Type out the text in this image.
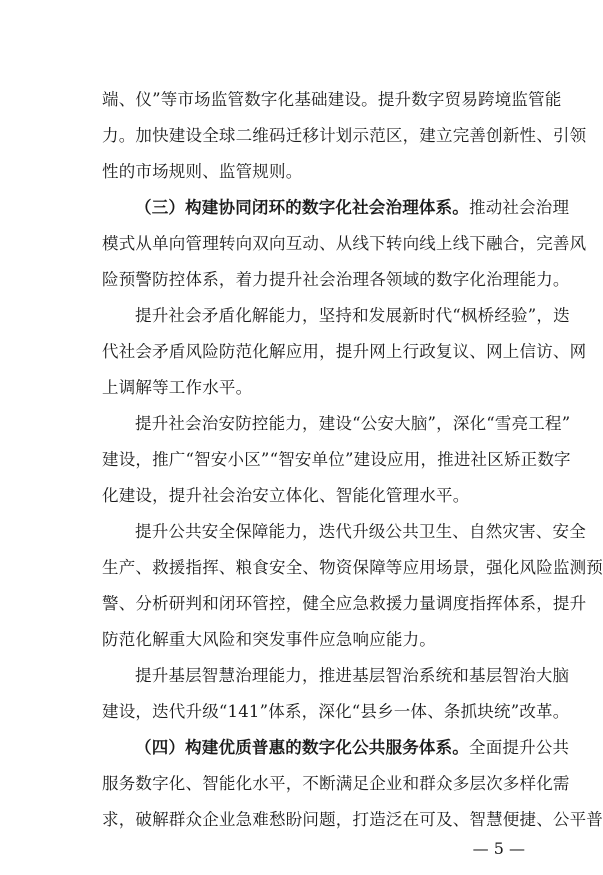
端、仪”等市场监管数字化基础建设。提升数字贸易跨境监管能
力。加快建设全球二维码迁移计划示范区，建立完善创新性、引领
性的市场规则、监管规则。
（三）构建协同闭环的数字化社会治理体系。推动社会治理
模式从单向管理转向双向互动、从线下转向线上线下融合，完善风
险预警防控体系，着力提升社会治理各领域的数字化治理能力。
提升社会矛盾化解能力，坚持和发展新时代“枫桥经验”，迭
代社会矛盾风险防范化解应用，提升网上行政复议、网上信访、网
上调解等工作水平。
提升社会治安防控能力，建设“公安大脑”，深化“雪亮工程”
建设，推广“智安小区”“智安单位”建设应用，推进社区矫正数字
化建设，提升社会治安立体化、智能化管理水平。
提升公共安全保障能力，迭代升级公共卫生、自然灾害、安全
生产、救援指挥、粮食安全、物资保障等应用场景，强化风险监测预
警、分析研判和闭环管控，健全应急救援力量调度指挥体系，提升
防范化解重大风险和突发事件应急响应能力。
提升基层智慧治理能力，推进基层智治系统和基层智治大脑
建设，迭代升级“141”体系，深化“县乡一体、条抓块统”改革。
（四）构建优质普惠的数字化公共服务体系。全面提升公共
服务数字化、智能化水平，不断满足企业和群众多层次多样化需
求，破解群众企业急难愁盼问题，打造泛在可及、智慧便捷、公平普
— 5 —
